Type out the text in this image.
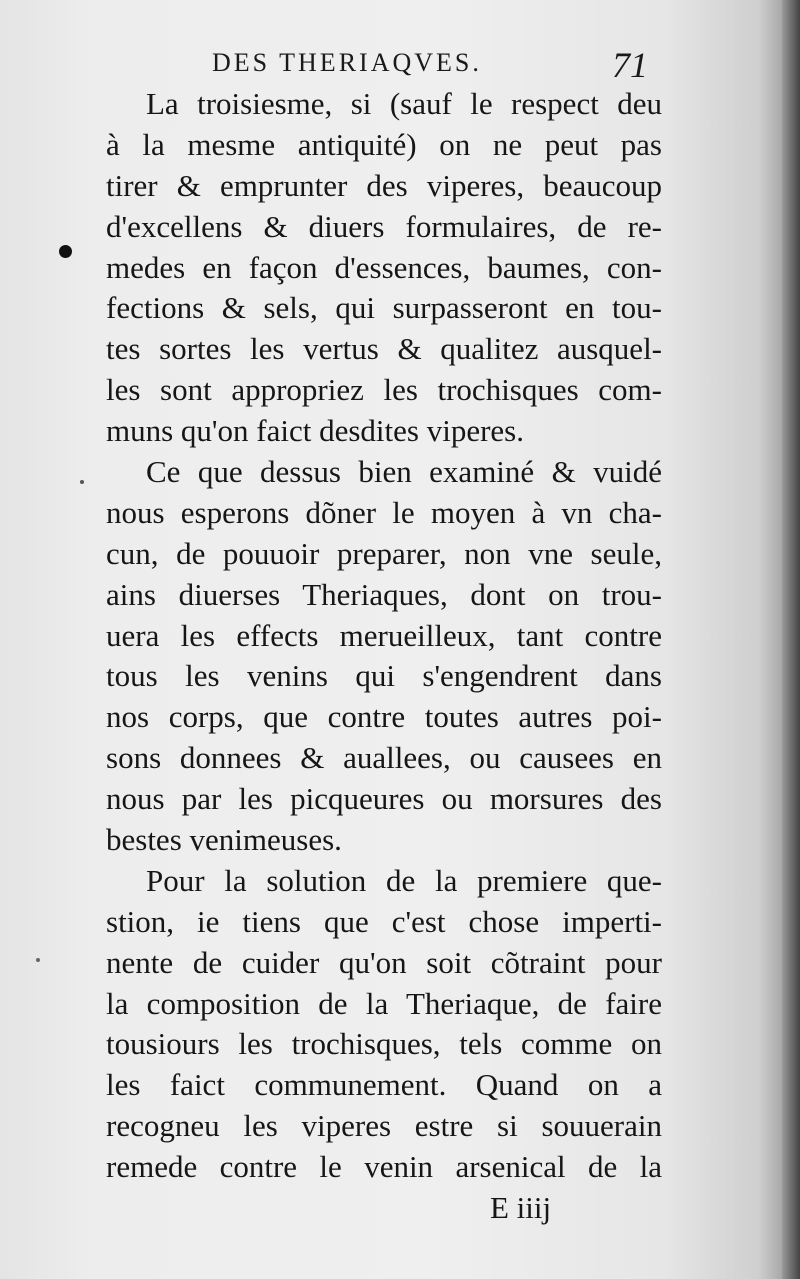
DES THERIAQVES.	71
La troisiesme, si (sauf le respect deu
à la mesme antiquité) on ne peut pas
tirer & emprunter des viperes, beaucoup
d'excellens & diuers formulaires, de re-
medes en façon d'essences, baumes, con-
fections & sels, qui surpasseront en tou-
tes sortes les vertus & qualitez ausquel-
les sont appropriez les trochisques com-
muns qu'on faict desdites viperes.
Ce que dessus bien examiné & vuidé
nous esperons dõner le moyen à vn cha-
cun, de pouuoir preparer, non vne seule,
ains diuerses Theriaques, dont on trou-
uera les effects merueilleux, tant contre
tous les venins qui s'engendrent dans
nos corps, que contre toutes autres poi-
sons donnees & auallees, ou causees en
nous par les picqueures ou morsures des
bestes venimeuses.
Pour la solution de la premiere que-
stion, ie tiens que c'est chose imperti-
nente de cuider qu'on soit cõtraint pour
la composition de la Theriaque, de faire
tousiours les trochisques, tels comme on
les faict communement. Quand on a
recogneu les viperes estre si souuerain
remede contre le venin arsenical de la
E iiij
